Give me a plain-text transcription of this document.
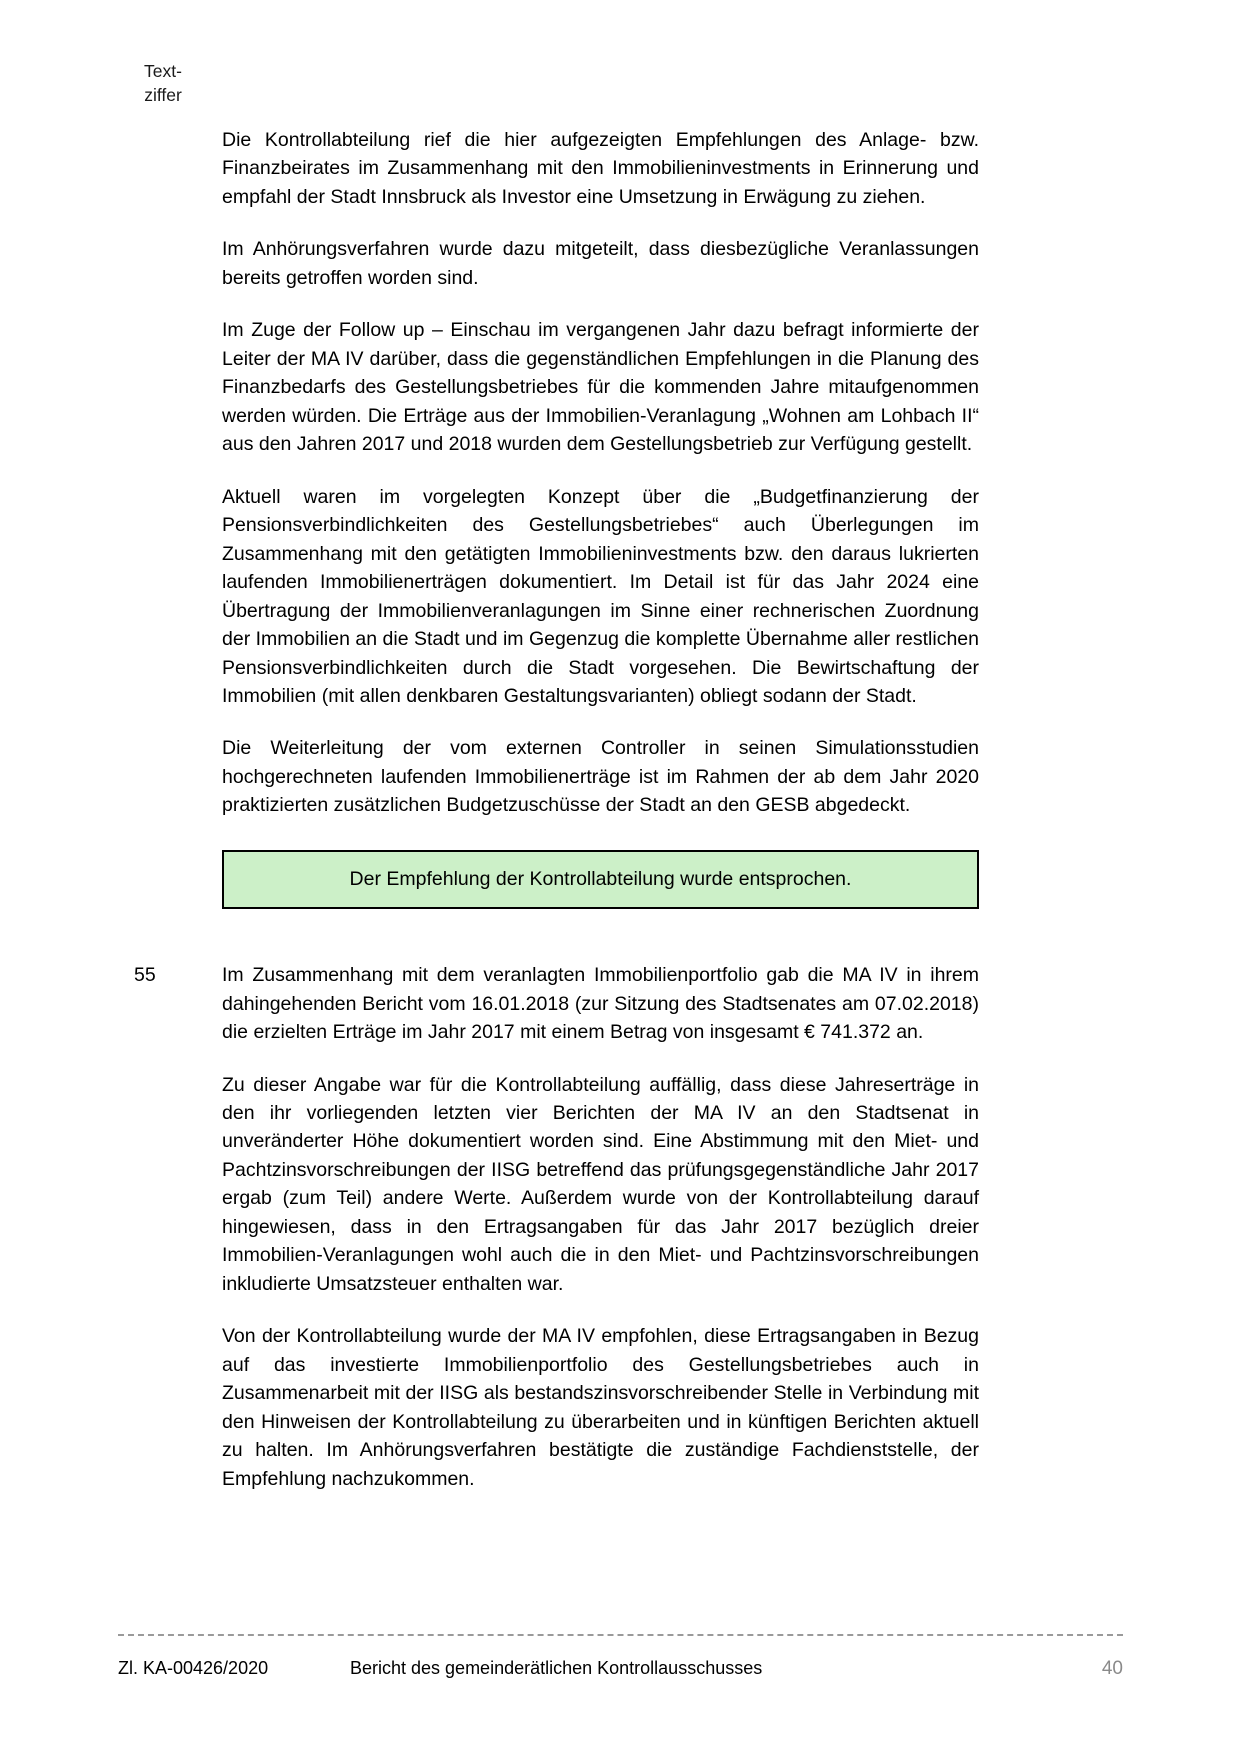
Text-
ziffer

Die Kontrollabteilung rief die hier aufgezeigten Empfehlungen des Anlage- bzw. Finanzbeirates im Zusammenhang mit den Immobilieninvestments in Erinnerung und empfahl der Stadt Innsbruck als Investor eine Umsetzung in Erwägung zu ziehen.

Im Anhörungsverfahren wurde dazu mitgeteilt, dass diesbezügliche Veranlassungen bereits getroffen worden sind.

Im Zuge der Follow up – Einschau im vergangenen Jahr dazu befragt informierte der Leiter der MA IV darüber, dass die gegenständlichen Empfehlungen in die Planung des Finanzbedarfs des Gestellungsbetriebes für die kommenden Jahre mitaufgenommen werden würden. Die Erträge aus der Immobilien-Veranlagung „Wohnen am Lohbach II“ aus den Jahren 2017 und 2018 wurden dem Gestellungsbetrieb zur Verfügung gestellt.

Aktuell waren im vorgelegten Konzept über die „Budgetfinanzierung der Pensionsverbindlichkeiten des Gestellungsbetriebes“ auch Überlegungen im Zusammenhang mit den getätigten Immobilieninvestments bzw. den daraus lukrierten laufenden Immobilienerträgen dokumentiert. Im Detail ist für das Jahr 2024 eine Übertragung der Immobilienveranlagungen im Sinne einer rechnerischen Zuordnung der Immobilien an die Stadt und im Gegenzug die komplette Übernahme aller restlichen Pensionsverbindlichkeiten durch die Stadt vorgesehen. Die Bewirtschaftung der Immobilien (mit allen denkbaren Gestaltungsvarianten) obliegt sodann der Stadt.

Die Weiterleitung der vom externen Controller in seinen Simulationsstudien hochgerechneten laufenden Immobilienerträge ist im Rahmen der ab dem Jahr 2020 praktizierten zusätzlichen Budgetzuschüsse der Stadt an den GESB abgedeckt.

Der Empfehlung der Kontrollabteilung wurde entsprochen.
55	Im Zusammenhang mit dem veranlagten Immobilienportfolio gab die MA IV in ihrem dahingehenden Bericht vom 16.01.2018 (zur Sitzung des Stadtsenates am 07.02.2018) die erzielten Erträge im Jahr 2017 mit einem Betrag von insgesamt € 741.372 an.

Zu dieser Angabe war für die Kontrollabteilung auffällig, dass diese Jahreserträge in den ihr vorliegenden letzten vier Berichten der MA IV an den Stadtsenat in unveränderter Höhe dokumentiert worden sind. Eine Abstimmung mit den Miet- und Pachtzinsvorschreibungen der IISG betreffend das prüfungsgegenständliche Jahr 2017 ergab (zum Teil) andere Werte. Außerdem wurde von der Kontrollabteilung darauf hingewiesen, dass in den Ertragsangaben für das Jahr 2017 bezüglich dreier Immobilien-Veranlagungen wohl auch die in den Miet- und Pachtzinsvorschreibungen inkludierte Umsatzsteuer enthalten war.

Von der Kontrollabteilung wurde der MA IV empfohlen, diese Ertragsangaben in Bezug auf das investierte Immobilienportfolio des Gestellungsbetriebes auch in Zusammenarbeit mit der IISG als bestandszinsvorschreibender Stelle in Verbindung mit den Hinweisen der Kontrollabteilung zu überarbeiten und in künftigen Berichten aktuell zu halten. Im Anhörungsverfahren bestätigte die zuständige Fachdienststelle, der Empfehlung nachzukommen.

Zl. KA-00426/2020	Bericht des gemeinderätlichen Kontrollausschusses	40
